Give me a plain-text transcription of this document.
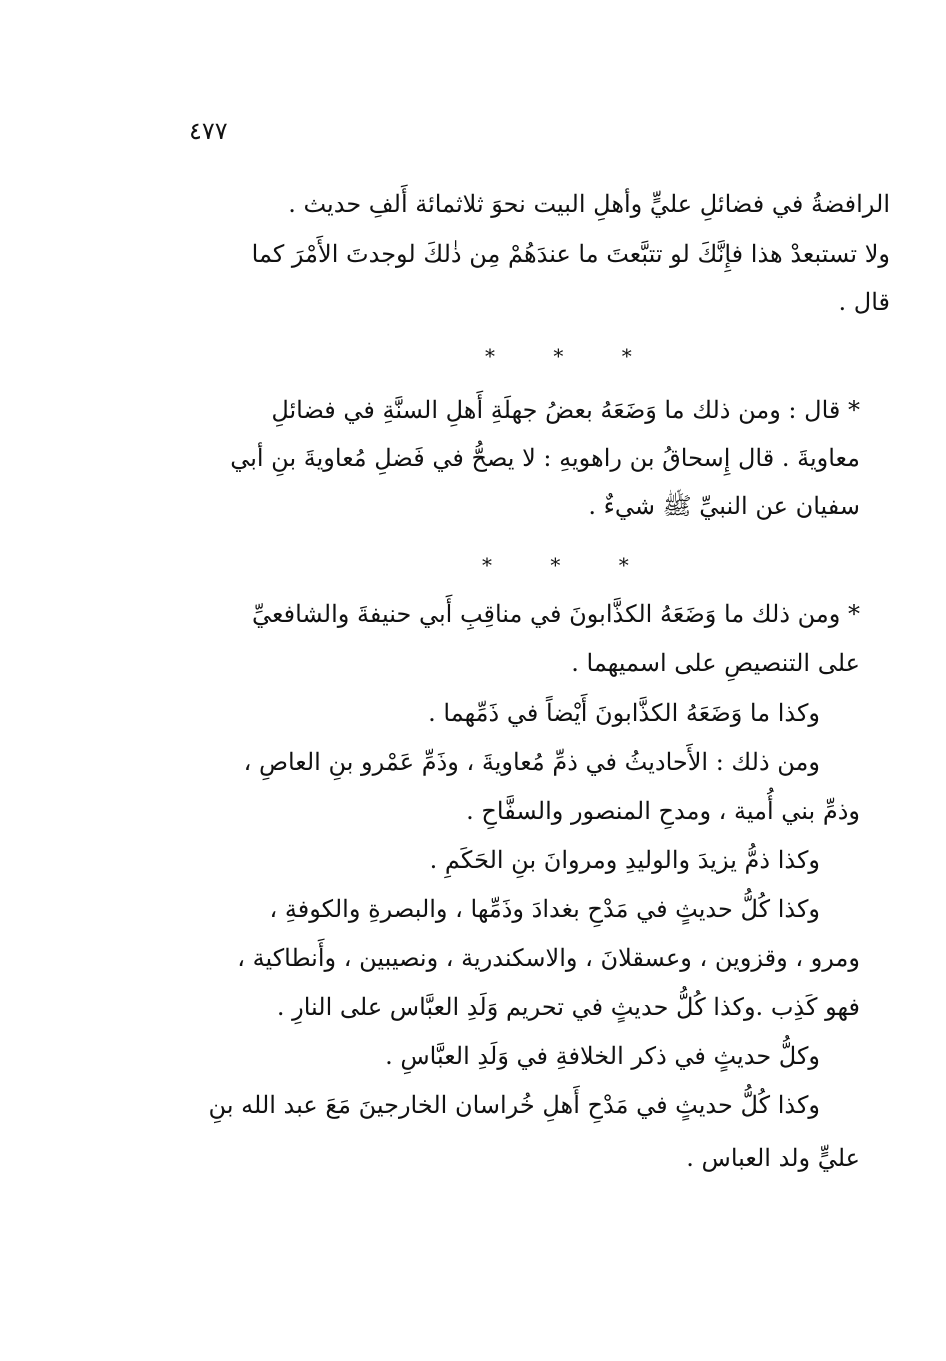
٤٧٧
الرافضةُ في فضائلِ عليٍّ وأهلِ البيت نحوَ ثلاثمائة أَلفِ حديث .
ولا تستبعدْ هذا فإِنَّكَ لو تتبَّعتَ ما عندَهُمْ مِن ذٰلكَ لوجدتَ الأَمْرَ كما
قال .
* * *
* قال : ومن ذلك ما وَضَعَهُ بعضُ جهلَةِ أَهلِ السنَّةِ في فضائلِ
معاويةَ . قال إِسحاقُ بن راهويهِ : لا يصحُّ في فَضلِ مُعاويةَ بنِ أبي
سفيان عن النبيِّ ﷺ شيءٌ .
* * *
* ومن ذلك ما وَضَعَهُ الكذَّابونَ في مناقِبِ أَبي حنيفةَ والشافعيِّ
على التنصيصِ على اسميهما .
وكذا ما وَضَعَهُ الكذَّابونَ أَيْضاً في ذَمِّهما .
ومن ذلك : الأَحاديثُ في ذمِّ مُعاويةَ ، وذَمِّ عَمْرو بنِ العاصِ ،
وذمِّ بني أُمية ، ومدحِ المنصور والسفَّاحِ .
وكذا ذمُّ يزيدَ والوليدِ ومروانَ بنِ الحَكَمِ .
وكذا كُلُّ حديثٍ في مَدْحِ بغدادَ وذَمِّها ، والبصرةِ والكوفةِ ،
ومرو ، وقزوين ، وعسقلانَ ، والاسكندرية ، ونصيبين ، وأَنطاكية ،
فهو كَذِب .وكذا كُلُّ حديثٍ في تحريم وَلَدِ العبَّاس على النارِ .
وكلُّ حديثٍ في ذكر الخلافةِ في وَلَدِ العبَّاسِ .
وكذا كُلُّ حديثٍ في مَدْحِ أَهلِ خُراسان الخارجينَ مَعَ عبد الله بنِ
عليٍّ ولد العباس .
